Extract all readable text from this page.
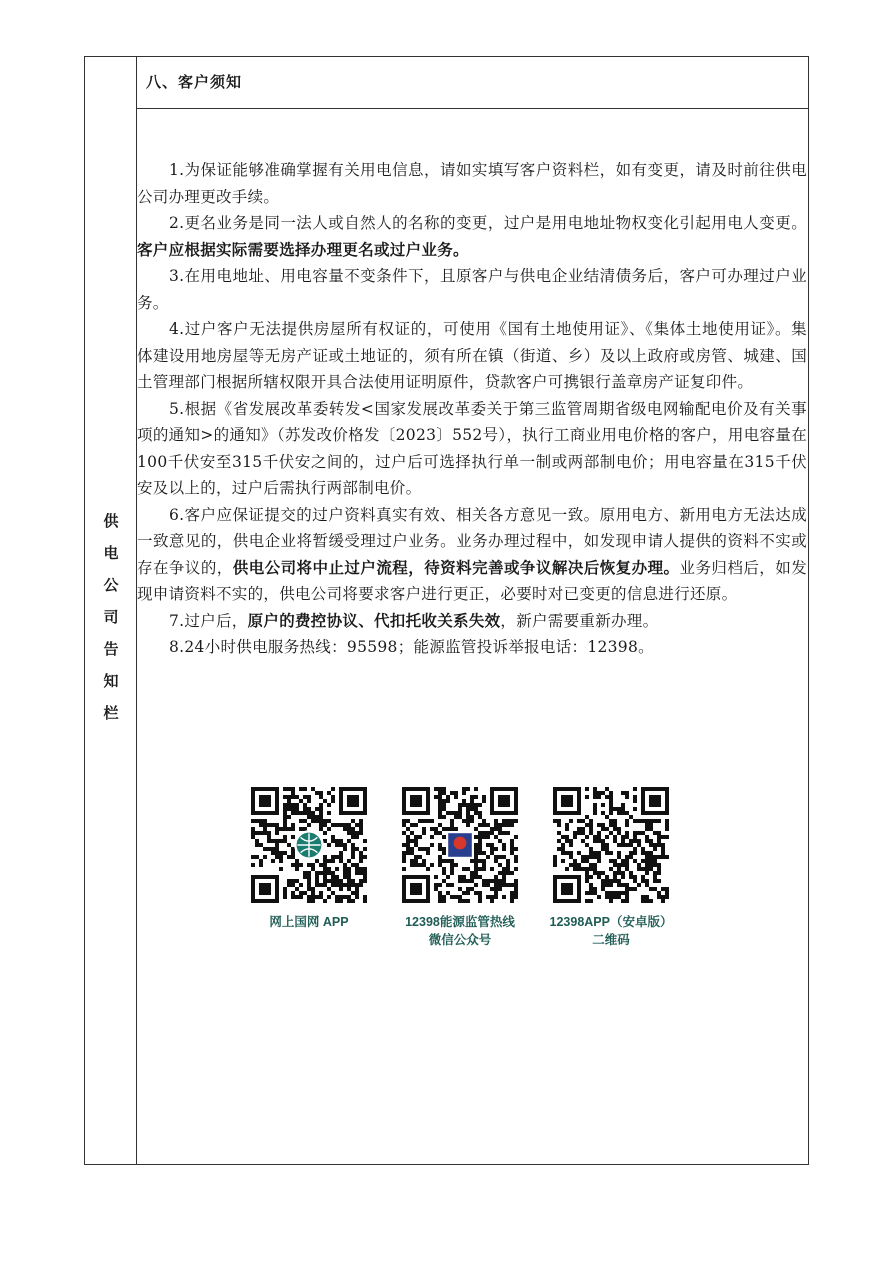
供
电
公
司
告
知
栏
八、客户须知

1.为保证能够准确掌握有关用电信息，请如实填写客户资料栏，如有变更，请及时前往供电公司办理更改手续。

2.更名业务是同一法人或自然人的名称的变更，过户是用电地址物权变化引起用电人变更。客户应根据实际需要选择办理更名或过户业务。

3.在用电地址、用电容量不变条件下，且原客户与供电企业结清债务后，客户可办理过户业务。

4.过户客户无法提供房屋所有权证的，可使用《国有土地使用证》、《集体土地使用证》。集体建设用地房屋等无房产证或土地证的，须有所在镇（街道、乡）及以上政府或房管、城建、国土管理部门根据所辖权限开具合法使用证明原件，贷款客户可携银行盖章房产证复印件。

5.根据《省发展改革委转发<国家发展改革委关于第三监管周期省级电网输配电价及有关事项的通知>的通知》（苏发改价格发〔2023〕552号），执行工商业用电价格的客户，用电容量在100千伏安至315千伏安之间的，过户后可选择执行单一制或两部制电价；用电容量在315千伏安及以上的，过户后需执行两部制电价。

6.客户应保证提交的过户资料真实有效、相关各方意见一致。原用电方、新用电方无法达成一致意见的，供电企业将暂缓受理过户业务。业务办理过程中，如发现申请人提供的资料不实或存在争议的，供电公司将中止过户流程，待资料完善或争议解决后恢复办理。业务归档后，如发现申请资料不实的，供电公司将要求客户进行更正，必要时对已变更的信息进行还原。

7.过户后，原户的费控协议、代扣托收关系失效，新户需要重新办理。

8.24小时供电服务热线：95598；能源监管投诉举报电话：12398。

网上国网 APP	12398能源监管热线
微信公众号
12398APP（安卓版）
二维码
